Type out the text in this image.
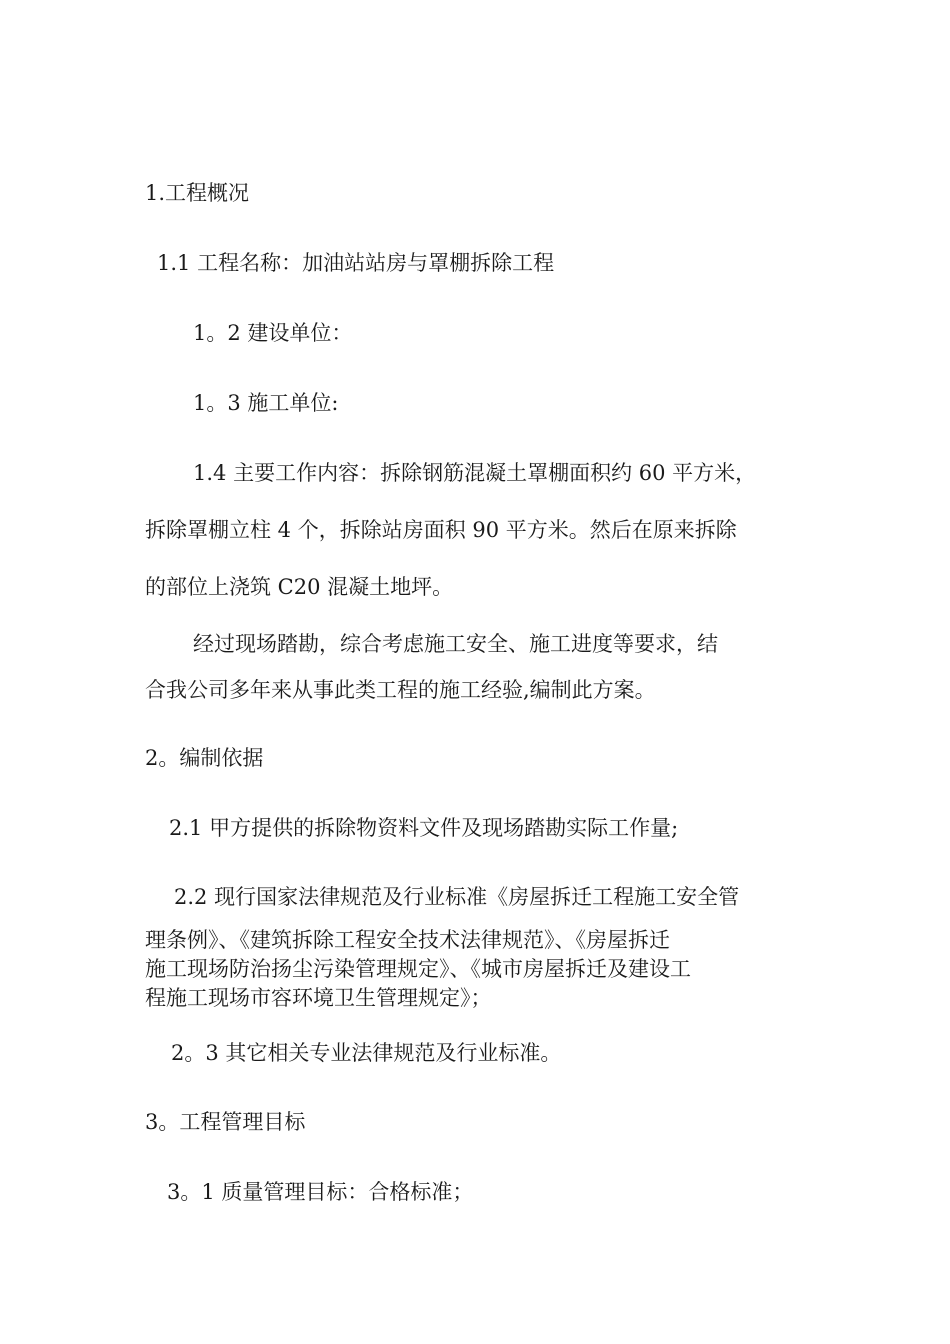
1.工程概况
1.1 工程名称：加油站站房与罩棚拆除工程
1。2 建设单位：
1。3 施工单位:
1.4 主要工作内容：拆除钢筋混凝土罩棚面积约 60 平方米，
拆除罩棚立柱 4 个，拆除站房面积 90 平方米。然后在原来拆除
的部位上浇筑 C20 混凝土地坪。
经过现场踏勘，综合考虑施工安全、施工进度等要求，结
合我公司多年来从事此类工程的施工经验,编制此方案。
2。编制依据
2.1 甲方提供的拆除物资料文件及现场踏勘实际工作量;
2.2 现行国家法律规范及行业标准《房屋拆迁工程施工安全管
理条例》、《建筑拆除工程安全技术法律规范》、《房屋拆迁
施工现场防治扬尘污染管理规定》、《城市房屋拆迁及建设工
程施工现场市容环境卫生管理规定》；
2。3 其它相关专业法律规范及行业标准。
3。工程管理目标
3。1 质量管理目标：合格标准；
